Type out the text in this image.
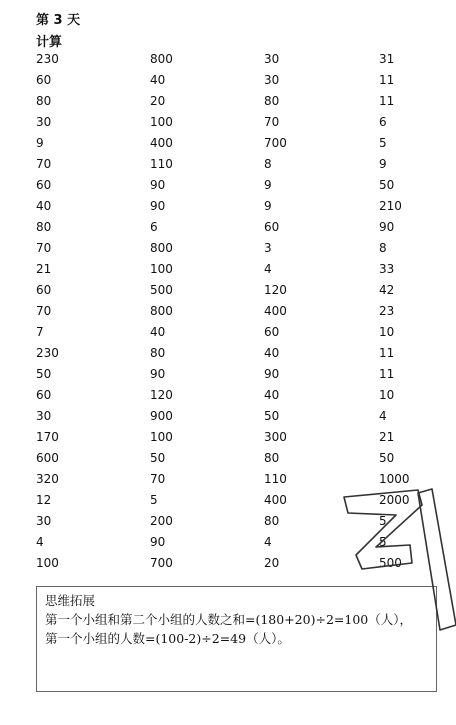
第 3 天
计算
230	800	30	31
60	40	30	11
80	20	80	11
30	100	70	6
9	400	700	5
70	110	8	9
60	90	9	50
40	90	9	210
80	6	60	90
70	800	3	8
21	100	4	33
60	500	120	42
70	800	400	23
7	40	60	10
230	80	40	11
50	90	90	11
60	120	40	10
30	900	50	4
170	100	300	21
600	50	80	50
320	70	110	1000
12	5	400	2000
30	200	80	5
4	90	4	5
100	700	20	500
思维拓展
第一个小组和第二个小组的人数之和=(180+20)÷2=100（人），
第一个小组的人数=(100-2)÷2=49（人）。
